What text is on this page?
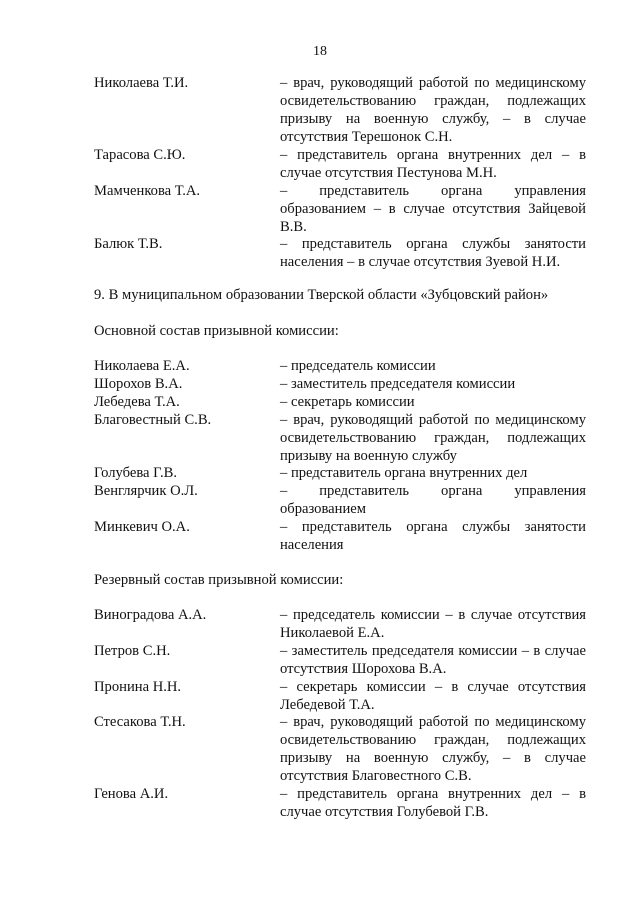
18
Николаева Т.И.	– врач, руководящий работой по медицинскому освидетельствованию граждан, подлежащих призыву на военную службу, – в случае отсутствия Терешонок С.Н.
Тарасова С.Ю.	– представитель органа внутренних дел – в случае отсутствия Пестунова М.Н.
Мамченкова Т.А.	– представитель органа управления образованием – в случае отсутствия Зайцевой В.В.
Балюк Т.В.	– представитель органа службы занятости населения – в случае отсутствия Зуевой Н.И.
9. В муниципальном образовании Тверской области «Зубцовский район»
Основной состав призывной комиссии:
Николаева Е.А.	– председатель комиссии
Шорохов В.А.	– заместитель председателя комиссии
Лебедева Т.А.	– секретарь комиссии
Благовестный С.В.	– врач, руководящий работой по медицинскому освидетельствованию граждан, подлежащих призыву на военную службу
Голубева Г.В.	– представитель органа внутренних дел
Венглярчик О.Л.	– представитель органа управления образованием
Минкевич О.А.	– представитель органа службы занятости населения
Резервный состав призывной комиссии:
Виноградова А.А.	– председатель комиссии – в случае отсутствия Николаевой Е.А.
Петров С.Н.	– заместитель председателя комиссии – в случае отсутствия Шорохова В.А.
Пронина Н.Н.	– секретарь комиссии – в случае отсутствия Лебедевой Т.А.
Стесакова Т.Н.	– врач, руководящий работой по медицинскому освидетельствованию граждан, подлежащих призыву на военную службу, – в случае отсутствия Благовестного С.В.
Генова А.И.	– представитель органа внутренних дел – в случае отсутствия Голубевой Г.В.
